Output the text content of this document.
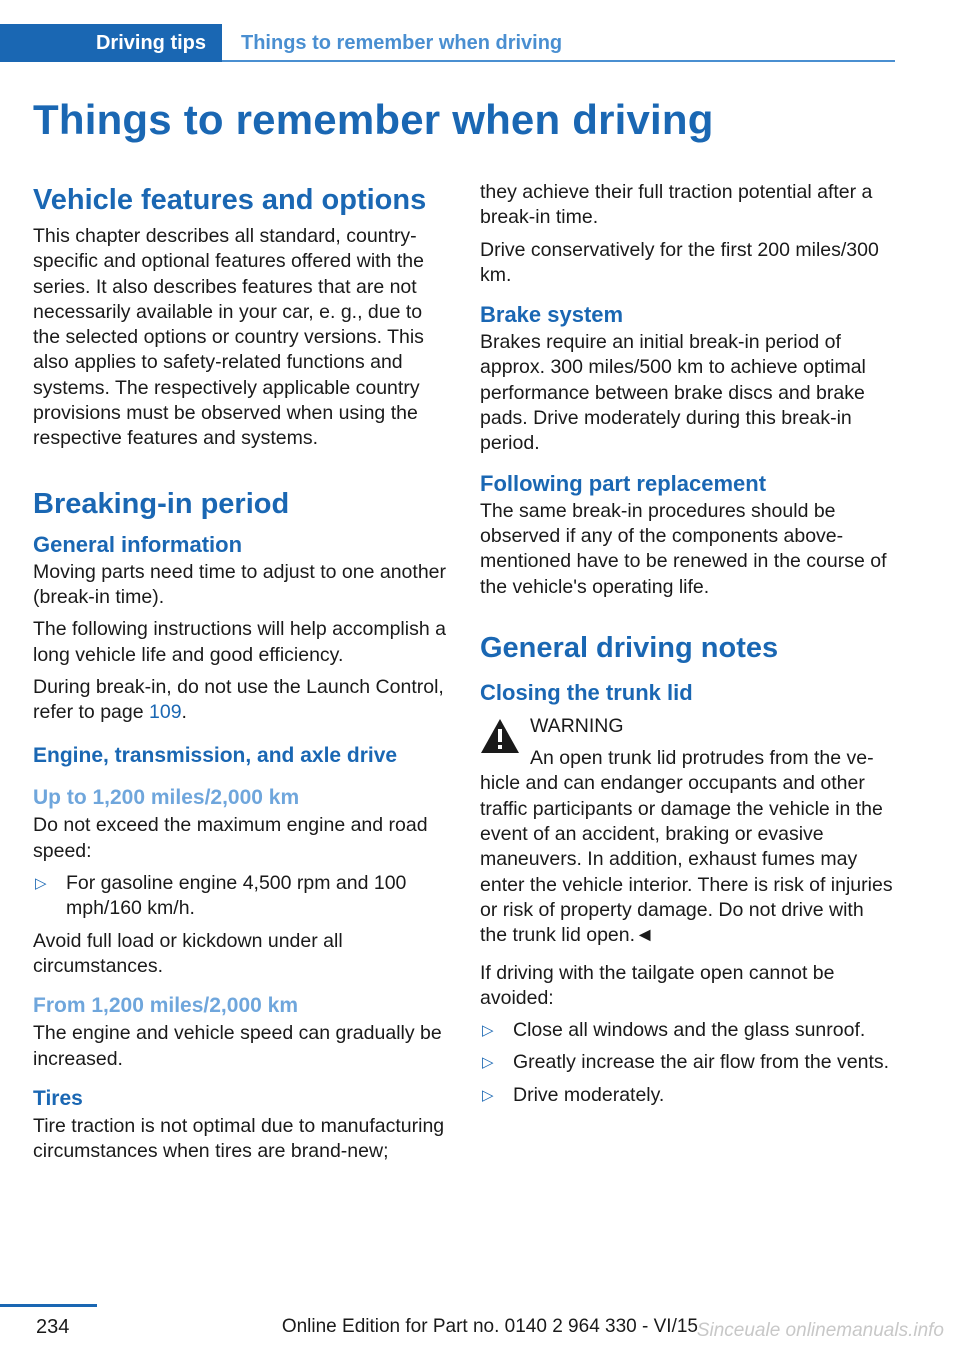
Driving tips Things to remember when driving
Things to remember when driving
Vehicle features and options

This chapter describes all standard, country-specific and optional features offered with the series. It also describes features that are not necessarily available in your car, e. g., due to the selected options or country versions. This also applies to safety-related functions and systems. The respectively applicable country provisions must be observed when using the respective features and systems.

Breaking-in period
General information

Moving parts need time to adjust to one another (break-in time).

The following instructions will help accomplish a long vehicle life and good efficiency.

During break-in, do not use the Launch Control, refer to page 109.

Engine, transmission, and axle drive
Up to 1,200 miles/2,000 km

Do not exceed the maximum engine and road speed:

▷ For gasoline engine 4,500 rpm and 100 mph/160 km/h.

Avoid full load or kickdown under all circumstances.

From 1,200 miles/2,000 km

The engine and vehicle speed can gradually be increased.

Tires

Tire traction is not optimal due to manufacturing circumstances when tires are brand-new;

they achieve their full traction potential after a break-in time.

Drive conservatively for the first 200 miles/300 km.

Brake system

Brakes require an initial break-in period of approx. 300 miles/500 km to achieve optimal performance between brake discs and brake pads. Drive moderately during this break-in period.

Following part replacement

The same break-in procedures should be observed if any of the components above-mentioned have to be renewed in the course of the vehicle's operating life.

General driving notes
Closing the trunk lid

WARNING

An open trunk lid protrudes from the ve-

hicle and can endanger occupants and other traffic participants or damage the vehicle in the event of an accident, braking or evasive maneuvers. In addition, exhaust fumes may enter the vehicle interior. There is risk of injuries or risk of property damage. Do not drive with the trunk lid open.◄

If driving with the tailgate open cannot be avoided:

▷ Close all windows and the glass sunroof.
▷ Greatly increase the air flow from the vents.
▷ Drive moderately.
234	Online Edition for Part no. 0140 2 964 330 - VI/15
Sinceuale onlinemanuals.info
